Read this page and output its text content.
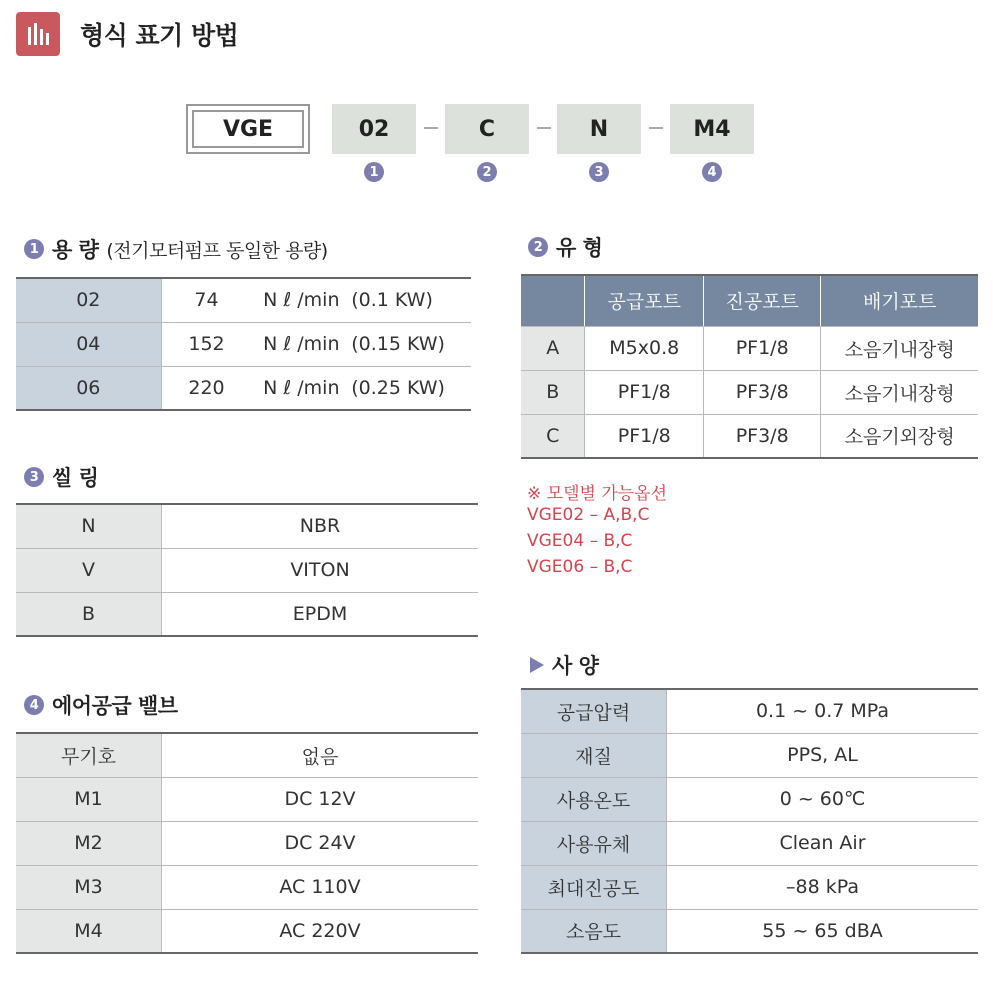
형식 표기 방법
VGE	02	C	N	M4
1	2	3	4
1 용 량 (전기모터펌프 동일한 용량)
02	74	N ℓ /min	(0.1 KW)
04	152	N ℓ /min	(0.15 KW)
06	220	N ℓ /min	(0.25 KW)
2 유 형
	공급포트	진공포트	배기포트
A	M5x0.8	PF1/8	소음기내장형
B	PF1/8	PF3/8	소음기내장형
C	PF1/8	PF3/8	소음기외장형
※ 모델별 가능옵션
VGE02 – A,B,C
VGE04 – B,C
VGE06 – B,C
3 씰 링
N	NBR
V	VITON
B	EPDM
4 에어공급 밸브
무기호	없음
M1	DC 12V
M2	DC 24V
M3	AC 110V
M4	AC 220V
사 양
공급압력	0.1 ~ 0.7 MPa
재질	PPS, AL
사용온도	0 ~ 60℃
사용유체	Clean Air
최대진공도	–88 kPa
소음도	55 ~ 65 dBA
